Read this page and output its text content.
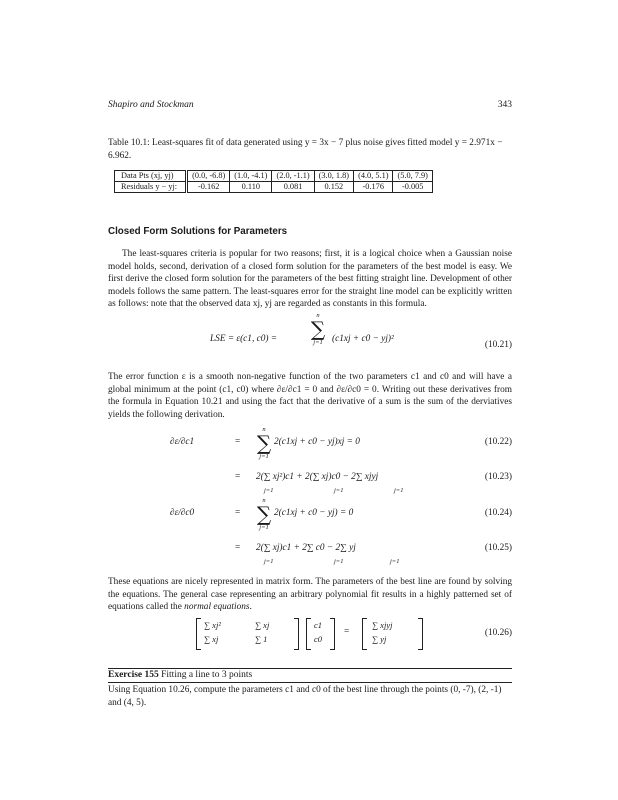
Shapiro and Stockman	343
Table 10.1: Least-squares fit of data generated using y = 3x − 7 plus noise gives fitted model y = 2.971x − 6.962.
Data Pts (xj, yj)	(0.0, -6.8)	(1.0, -4.1)	(2.0, -1.1)	(3.0, 1.8)	(4.0, 5.1)	(5.0, 7.9)
Residuals y − yj:	-0.162	0.110	0.081	0.152	-0.176	-0.005
Closed Form Solutions for Parameters
The least-squares criteria is popular for two reasons; first, it is a logical choice when a Gaussian noise model holds, second, derivation of a closed form solution for the parameters of the best model is easy. We first derive the closed form solution for the parameters of the best fitting straight line. Development of other models follows the same pattern. The least-squares error for the straight line model can be explicitly written as follows: note that the observed data xj, yj are regarded as constants in this formula.
LSE = ε(c1, c0) =
n
∑
j=1 (c1xj + c0 − yj)²
(10.21)
The error function ε is a smooth non-negative function of the two parameters c1 and c0 and will have a global minimum at the point (c1, c0) where ∂ε/∂c1 = 0 and ∂ε/∂c0 = 0. Writing out these derivatives from the formula in Equation 10.21 and using the fact that the derivative of a sum is the sum of the derviatives yields the following derivation.
∂ε/∂c1	=
n
∑
j=1
2(c1xj + c0 − yj)xj = 0	(10.22)
= 2(∑ xj²)c1 + 2(∑ xj)c0 − 2∑ xjyj
j=1	j=1	j=1
(10.23)
∂ε/∂c0	=
n
∑
j=1
2(c1xj + c0 − yj) = 0	(10.24)
= 2(∑ xj)c1 + 2∑ c0 − 2∑ yj
j=1	j=1	j=1
(10.25)
These equations are nicely represented in matrix form. The parameters of the best line are found by solving the equations. The general case representing an arbitrary polynomial fit results in a highly patterned set of equations called the normal equations.
∑ xj²	∑ xj
∑ xj	∑ 1
c1
c0
=
∑ xjyj
∑ yj
(10.26)
Exercise 155 Fitting a line to 3 points
Using Equation 10.26, compute the parameters c1 and c0 of the best line through the points (0, -7), (2, -1) and (4, 5).
